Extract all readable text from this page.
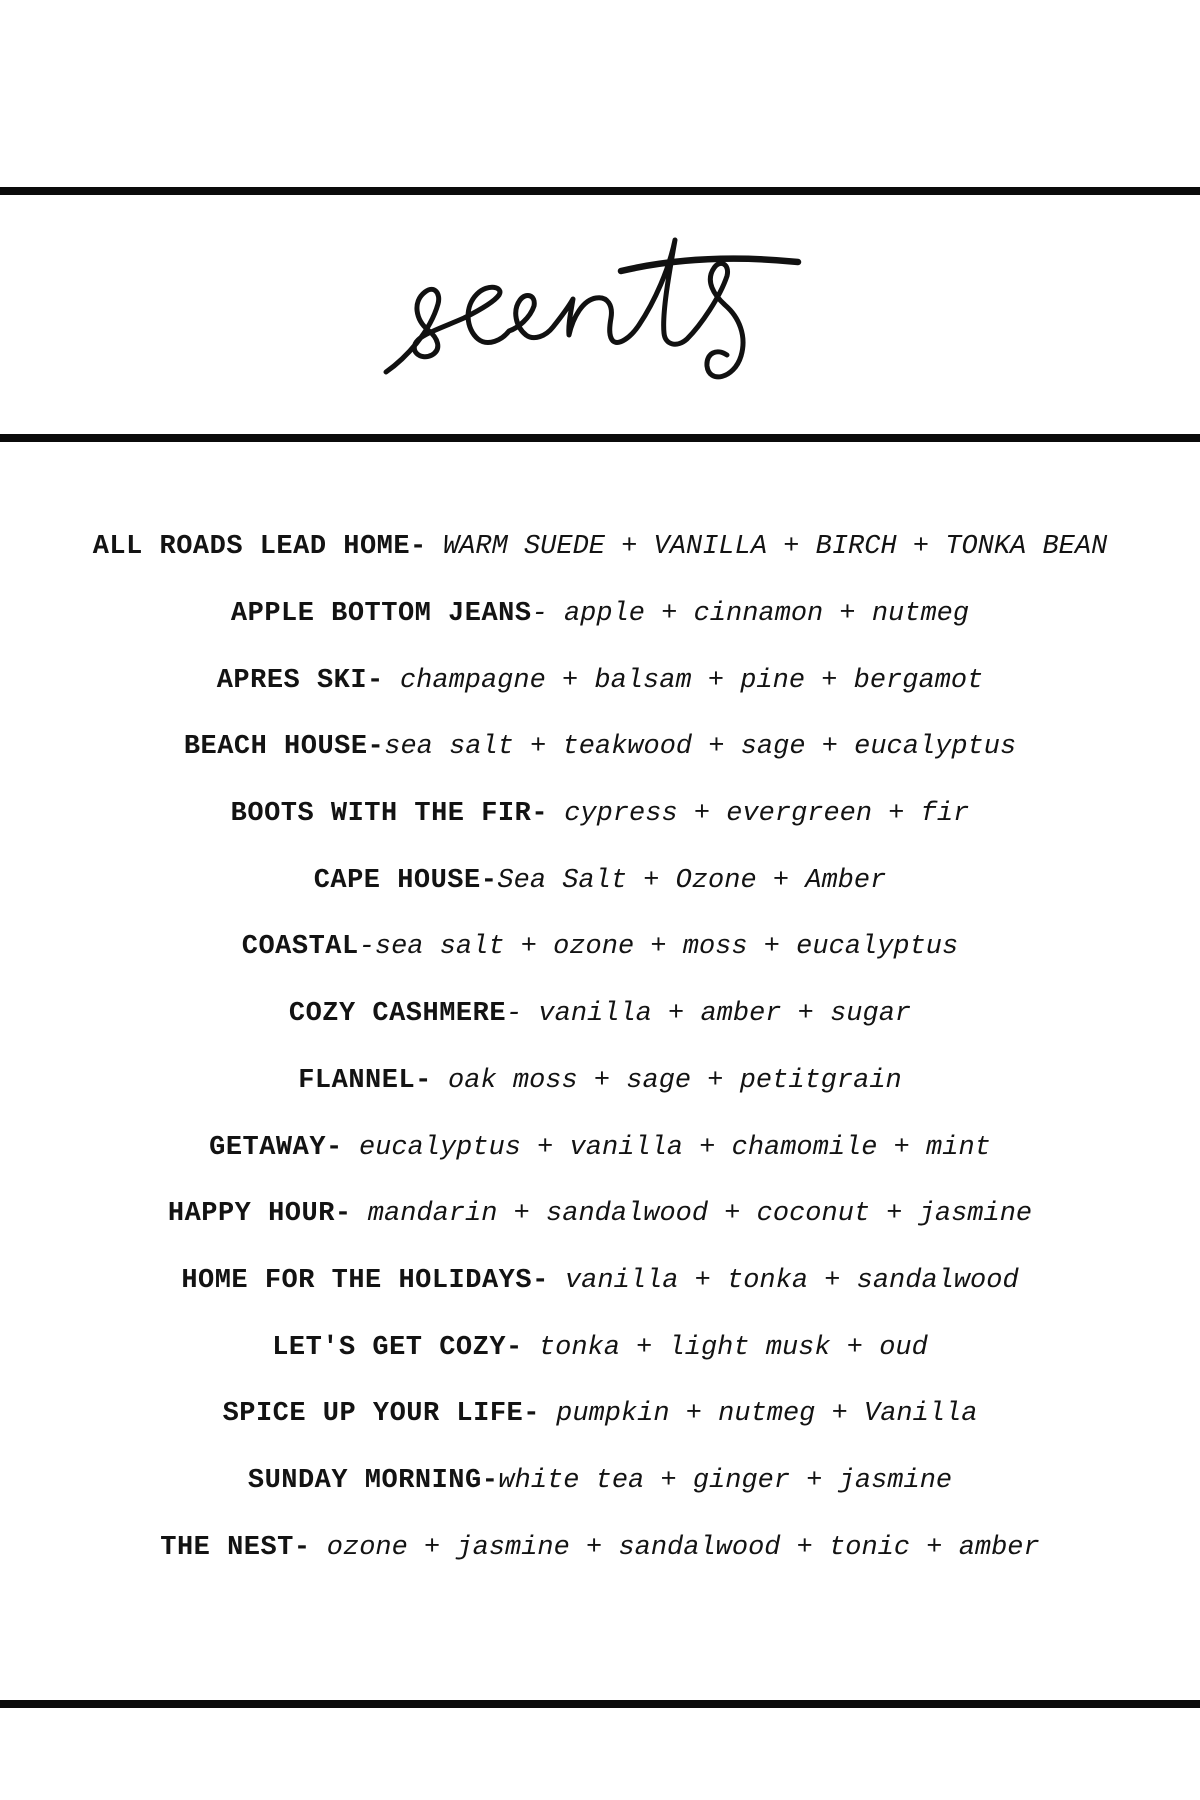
ALL ROADS LEAD HOME- WARM SUEDE + VANILLA + BIRCH + TONKA BEAN
APPLE BOTTOM JEANS - apple + cinnamon + nutmeg
APRES SKI- champagne + balsam + pine + bergamot
BEACH HOUSE- sea salt + teakwood + sage + eucalyptus
BOOTS WITH THE FIR- cypress + evergreen + fir
CAPE HOUSE- Sea Salt + Ozone + Amber
COASTAL -sea salt + ozone + moss + eucalyptus
COZY CASHMERE - vanilla + amber + sugar
FLANNEL- oak moss + sage + petitgrain
GETAWAY- eucalyptus + vanilla + chamomile + mint
HAPPY HOUR- mandarin + sandalwood + coconut + jasmine
HOME FOR THE HOLIDAYS- vanilla + tonka + sandalwood
LET'S GET COZY- tonka + light musk + oud
SPICE UP YOUR LIFE- pumpkin + nutmeg + Vanilla
SUNDAY MORNING- white tea + ginger + jasmine
THE NEST- ozone + jasmine + sandalwood + tonic + amber
